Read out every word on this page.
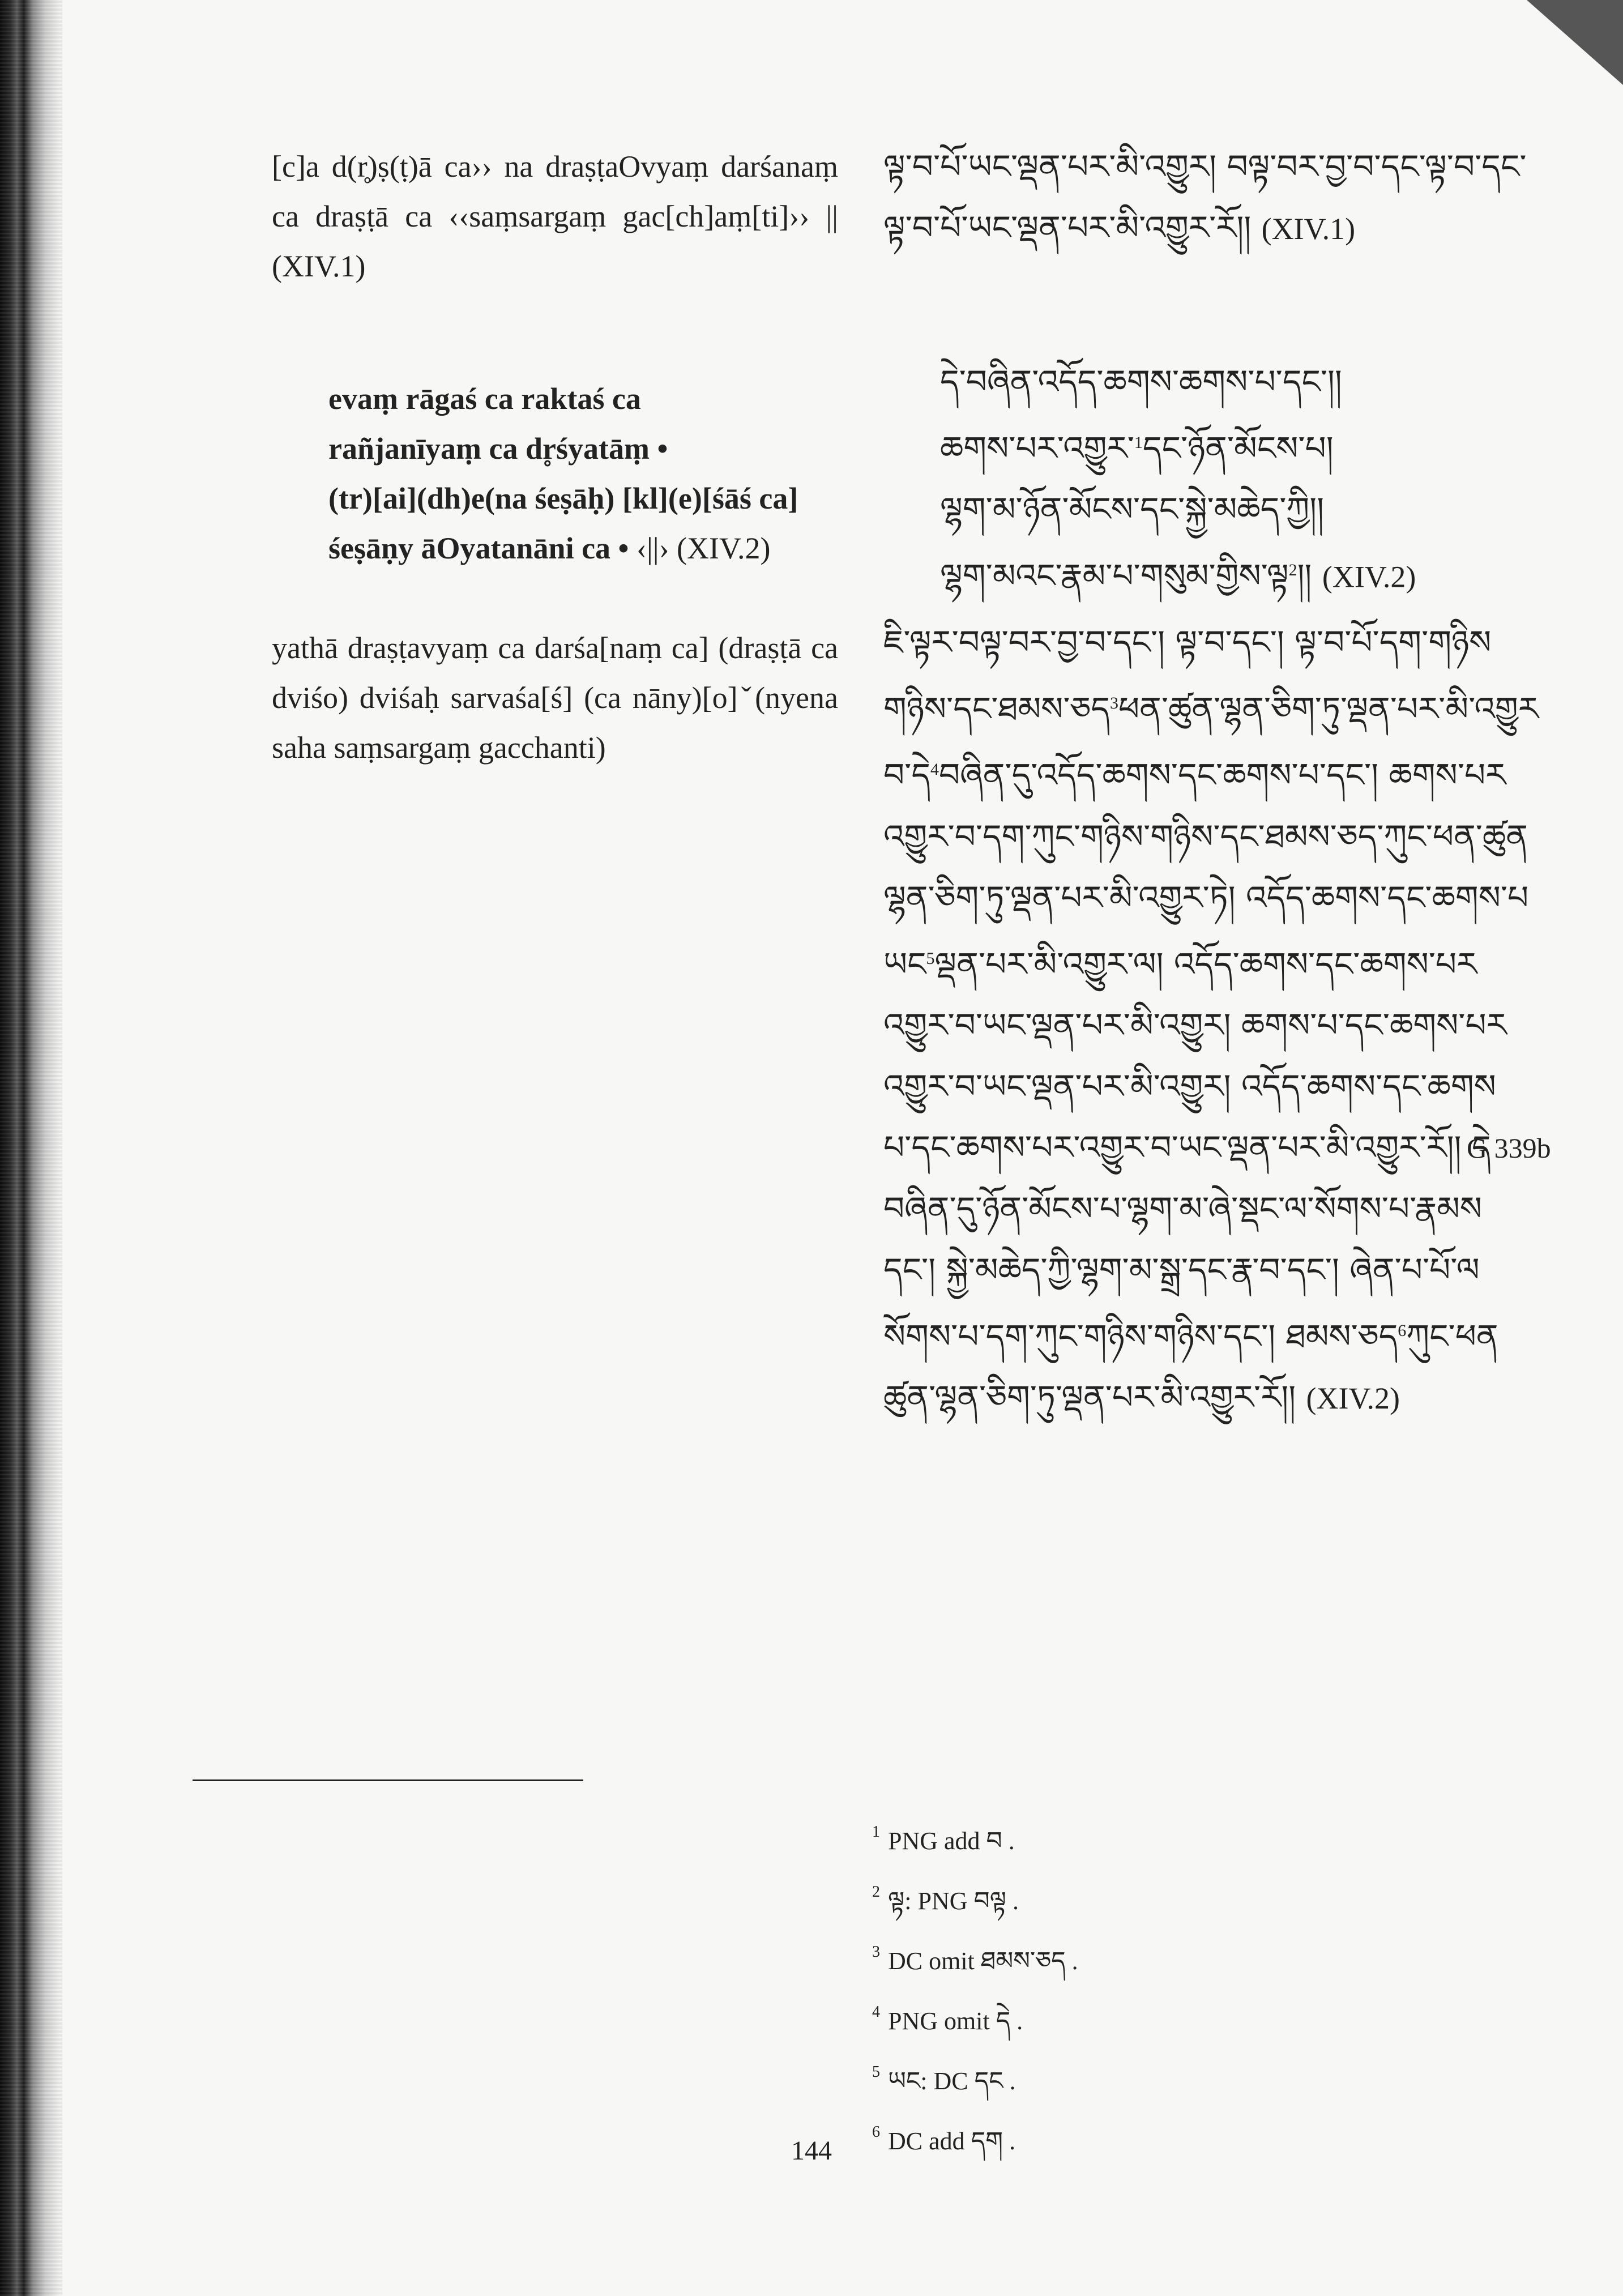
[c]a d(r̥)ṣ(ṭ)ā ca›› na draṣṭaOvyaṃ darśanaṃ ca draṣṭā ca ‹‹saṃsargaṃ gac[ch]aṃ[ti]›› || (XIV.1)

evaṃ rāgaś ca raktaś ca
rañjanīyaṃ ca dr̥śyatāṃ •
(tr)[ai](dh)e(na śeṣāḥ) [kl](e)[śāś ca]
śeṣāṇy āOyatanāni ca • ‹||› (XIV.2)

yathā draṣṭavyaṃ ca darśa[naṃ ca] (draṣṭā ca dviśo) dviśaḥ sarvaśa[ś] (ca nāny)[o]ˇ(nyena saha saṃsargaṃ gacchanti)

ལྟ་བ་པོ་ཡང་ལྡན་པར་མི་འགྱུར། བལྟ་བར་བྱ་བ་དང་ལྟ་བ་དང་
ལྟ་བ་པོ་ཡང་ལྡན་པར་མི་འགྱུར་རོ།། (XIV.1)

དེ་བཞིན་འདོད་ཆགས་ཆགས་པ་དང་།།
ཆགས་པར་འགྱུར་$^1$དང་ཉོན་མོངས་པ།
ལྷག་མ་ཉོན་མོངས་དང་སྐྱེ་མཆེད་ཀྱི།།
ལྷག་མའང་རྣམ་པ་གསུམ་གྱིས་ལྟ$^2$།། (XIV.2)

ཇི་ལྟར་བལྟ་བར་བྱ་བ་དང་། ལྟ་བ་དང་། ལྟ་བ་པོ་དག་གཉིས
གཉིས་དང་ཐམས་ཅད$^3$ཕན་ཚུན་ལྷན་ཅིག་ཏུ་ལྡན་པར་མི་འགྱུར
བ་དེ$^4$བཞིན་དུ་འདོད་ཆགས་དང་ཆགས་པ་དང་། ཆགས་པར
འགྱུར་བ་དག་ཀུང་གཉིས་གཉིས་དང་ཐམས་ཅད་ཀུང་ཕན་ཚུན
ལྷན་ཅིག་ཏུ་ལྡན་པར་མི་འགྱུར་ཏེ། འདོད་ཆགས་དང་ཆགས་པ
ཡང$^5$ལྡན་པར་མི་འགྱུར་ལ། འདོད་ཆགས་དང་ཆགས་པར
འགྱུར་བ་ཡང་ལྡན་པར་མི་འགྱུར། ཆགས་པ་དང་ཆགས་པར
འགྱུར་བ་ཡང་ལྡན་པར་མི་འགྱུར། འདོད་ཆགས་དང་ཆགས
པ་དང་ཆགས་པར་འགྱུར་བ་ཡང་ལྡན་པར་མི་འགྱུར་རོ།། དེ
བཞིན་དུ་ཉོན་མོངས་པ་ལྷག་མ་ཞེ་སྡང་ལ་སོགས་པ་རྣམས
དང་། སྐྱེ་མཆེད་ཀྱི་ལྷག་མ་སྒྲ་དང་རྣ་བ་དང་། ཞེན་པ་པོ་ལ
སོགས་པ་དག་ཀུང་གཉིས་གཉིས་དང་། ཐམས་ཅད$^6$ཀུང་ཕན
ཚུན་ལྷན་ཅིག་ཏུ་ལྡན་པར་མི་འགྱུར་རོ།། (XIV.2)

G 339b
$^1$ PNG add བ .
$^2$ ལྟ: PNG བལྟ .
$^3$ DC omit ཐམས་ཅད .
$^4$ PNG omit དེ .
$^5$ ཡང: DC དང .
$^6$ DC add དག .
144
